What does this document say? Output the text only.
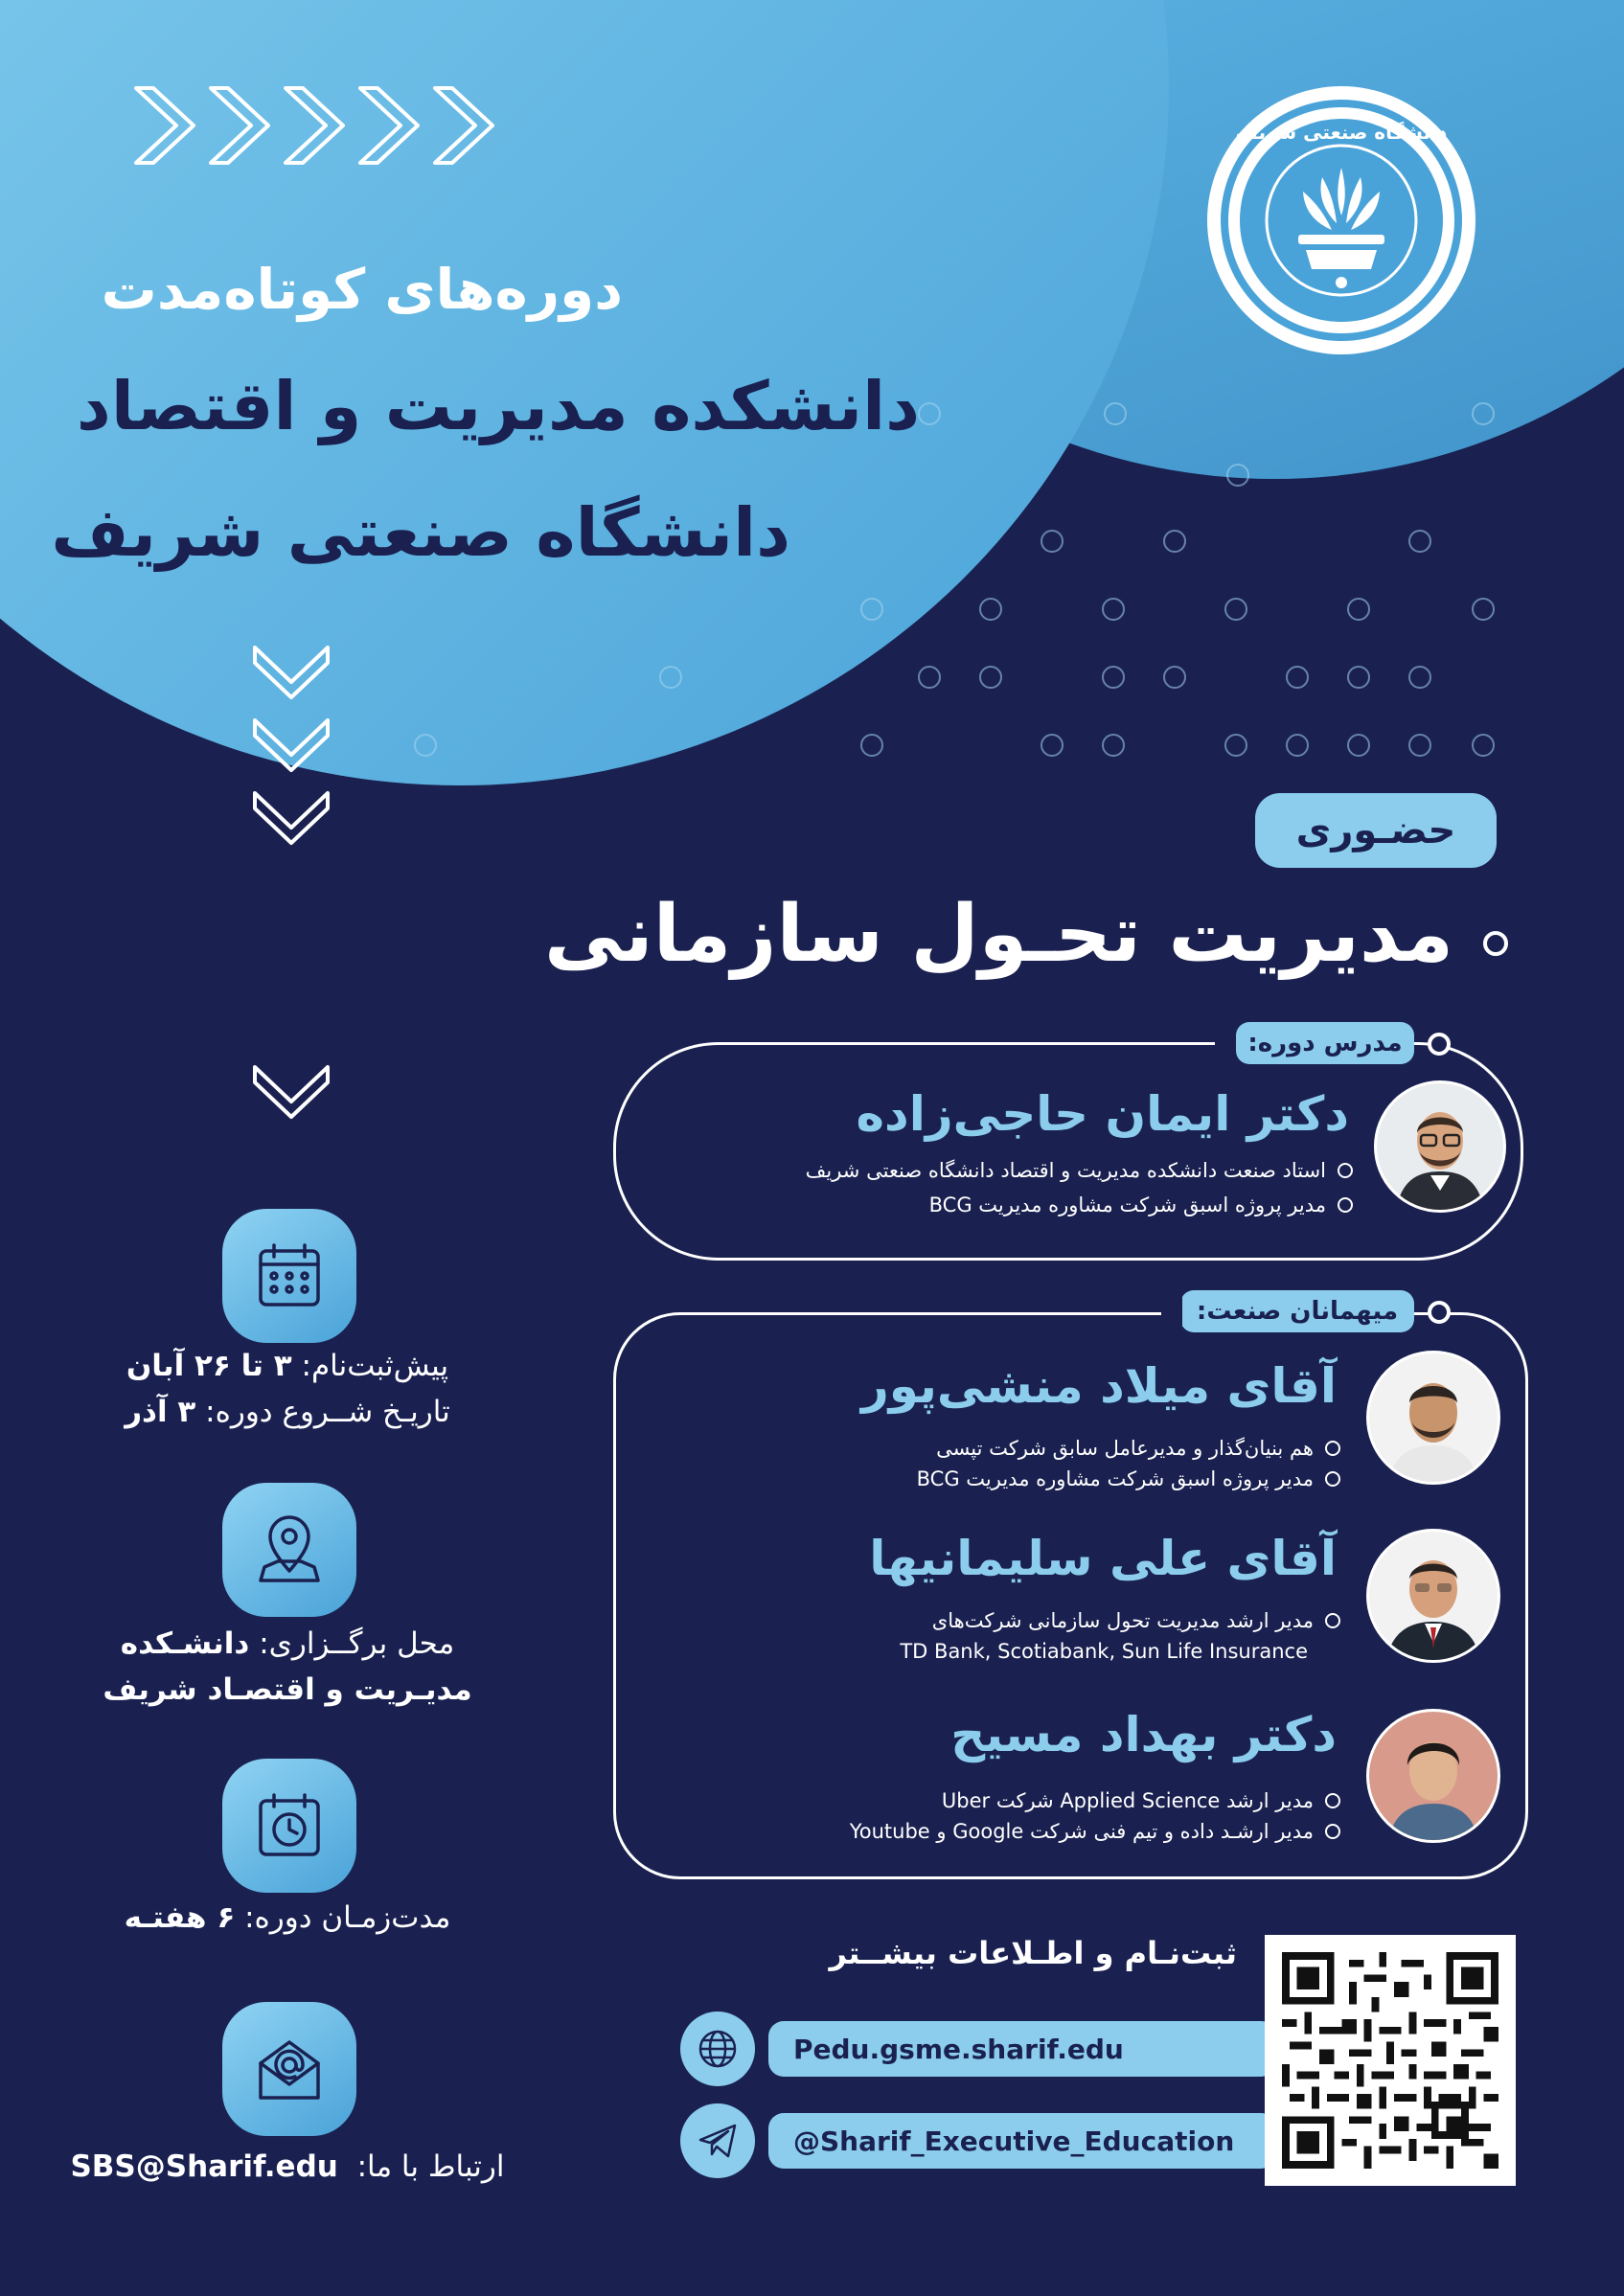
دوره‌های کوتاه‌مدت
دانشکده مدیریت و اقتصاد
دانشگاه صنعتی شریف
دانشگاه صنعتی شریف
حضـوری
مدیریت تحـول سازمانی
مدرس دوره:
دکتر ایمان حاجی‌زاده
استاد صنعت دانشکده مدیریت و اقتصاد دانشگاه صنعتی شریف
مدیر پروژه اسبق شرکت مشاوره مدیریت BCG
میهمانان صنعت:
آقای میلاد منشی‌پور
هم بنیان‌گذار و مدیرعامل سابق شرکت تپسی
مدیر پروژه اسبق شرکت مشاوره مدیریت BCG
آقای علی سلیمانیها
مدیر ارشد مدیریت تحول سازمانی شرکت‌های
TD Bank, Scotiabank, Sun Life Insurance
دکتر بهداد مسیح
مدیر ارشد Applied Science شرکت Uber
مدیر ارشـد داده و تیم فنی شرکت Google و Youtube
پیش‌ثبت‌نام: ۳ تا ۲۶ آبان
تاریـخ شــروع دوره: ۳ آذر
محل برگــزاری: دانشـکده
مدیـریت و اقتصـاد شریف
مدت‌زمـان دوره: ۶ هفتـه
SBS@Sharif.edu ارتباط با ما:
ثبت‌نـام و اطـلاعات بیشــتر
Pedu.gsme.sharif.edu
@Sharif_Executive_Education
